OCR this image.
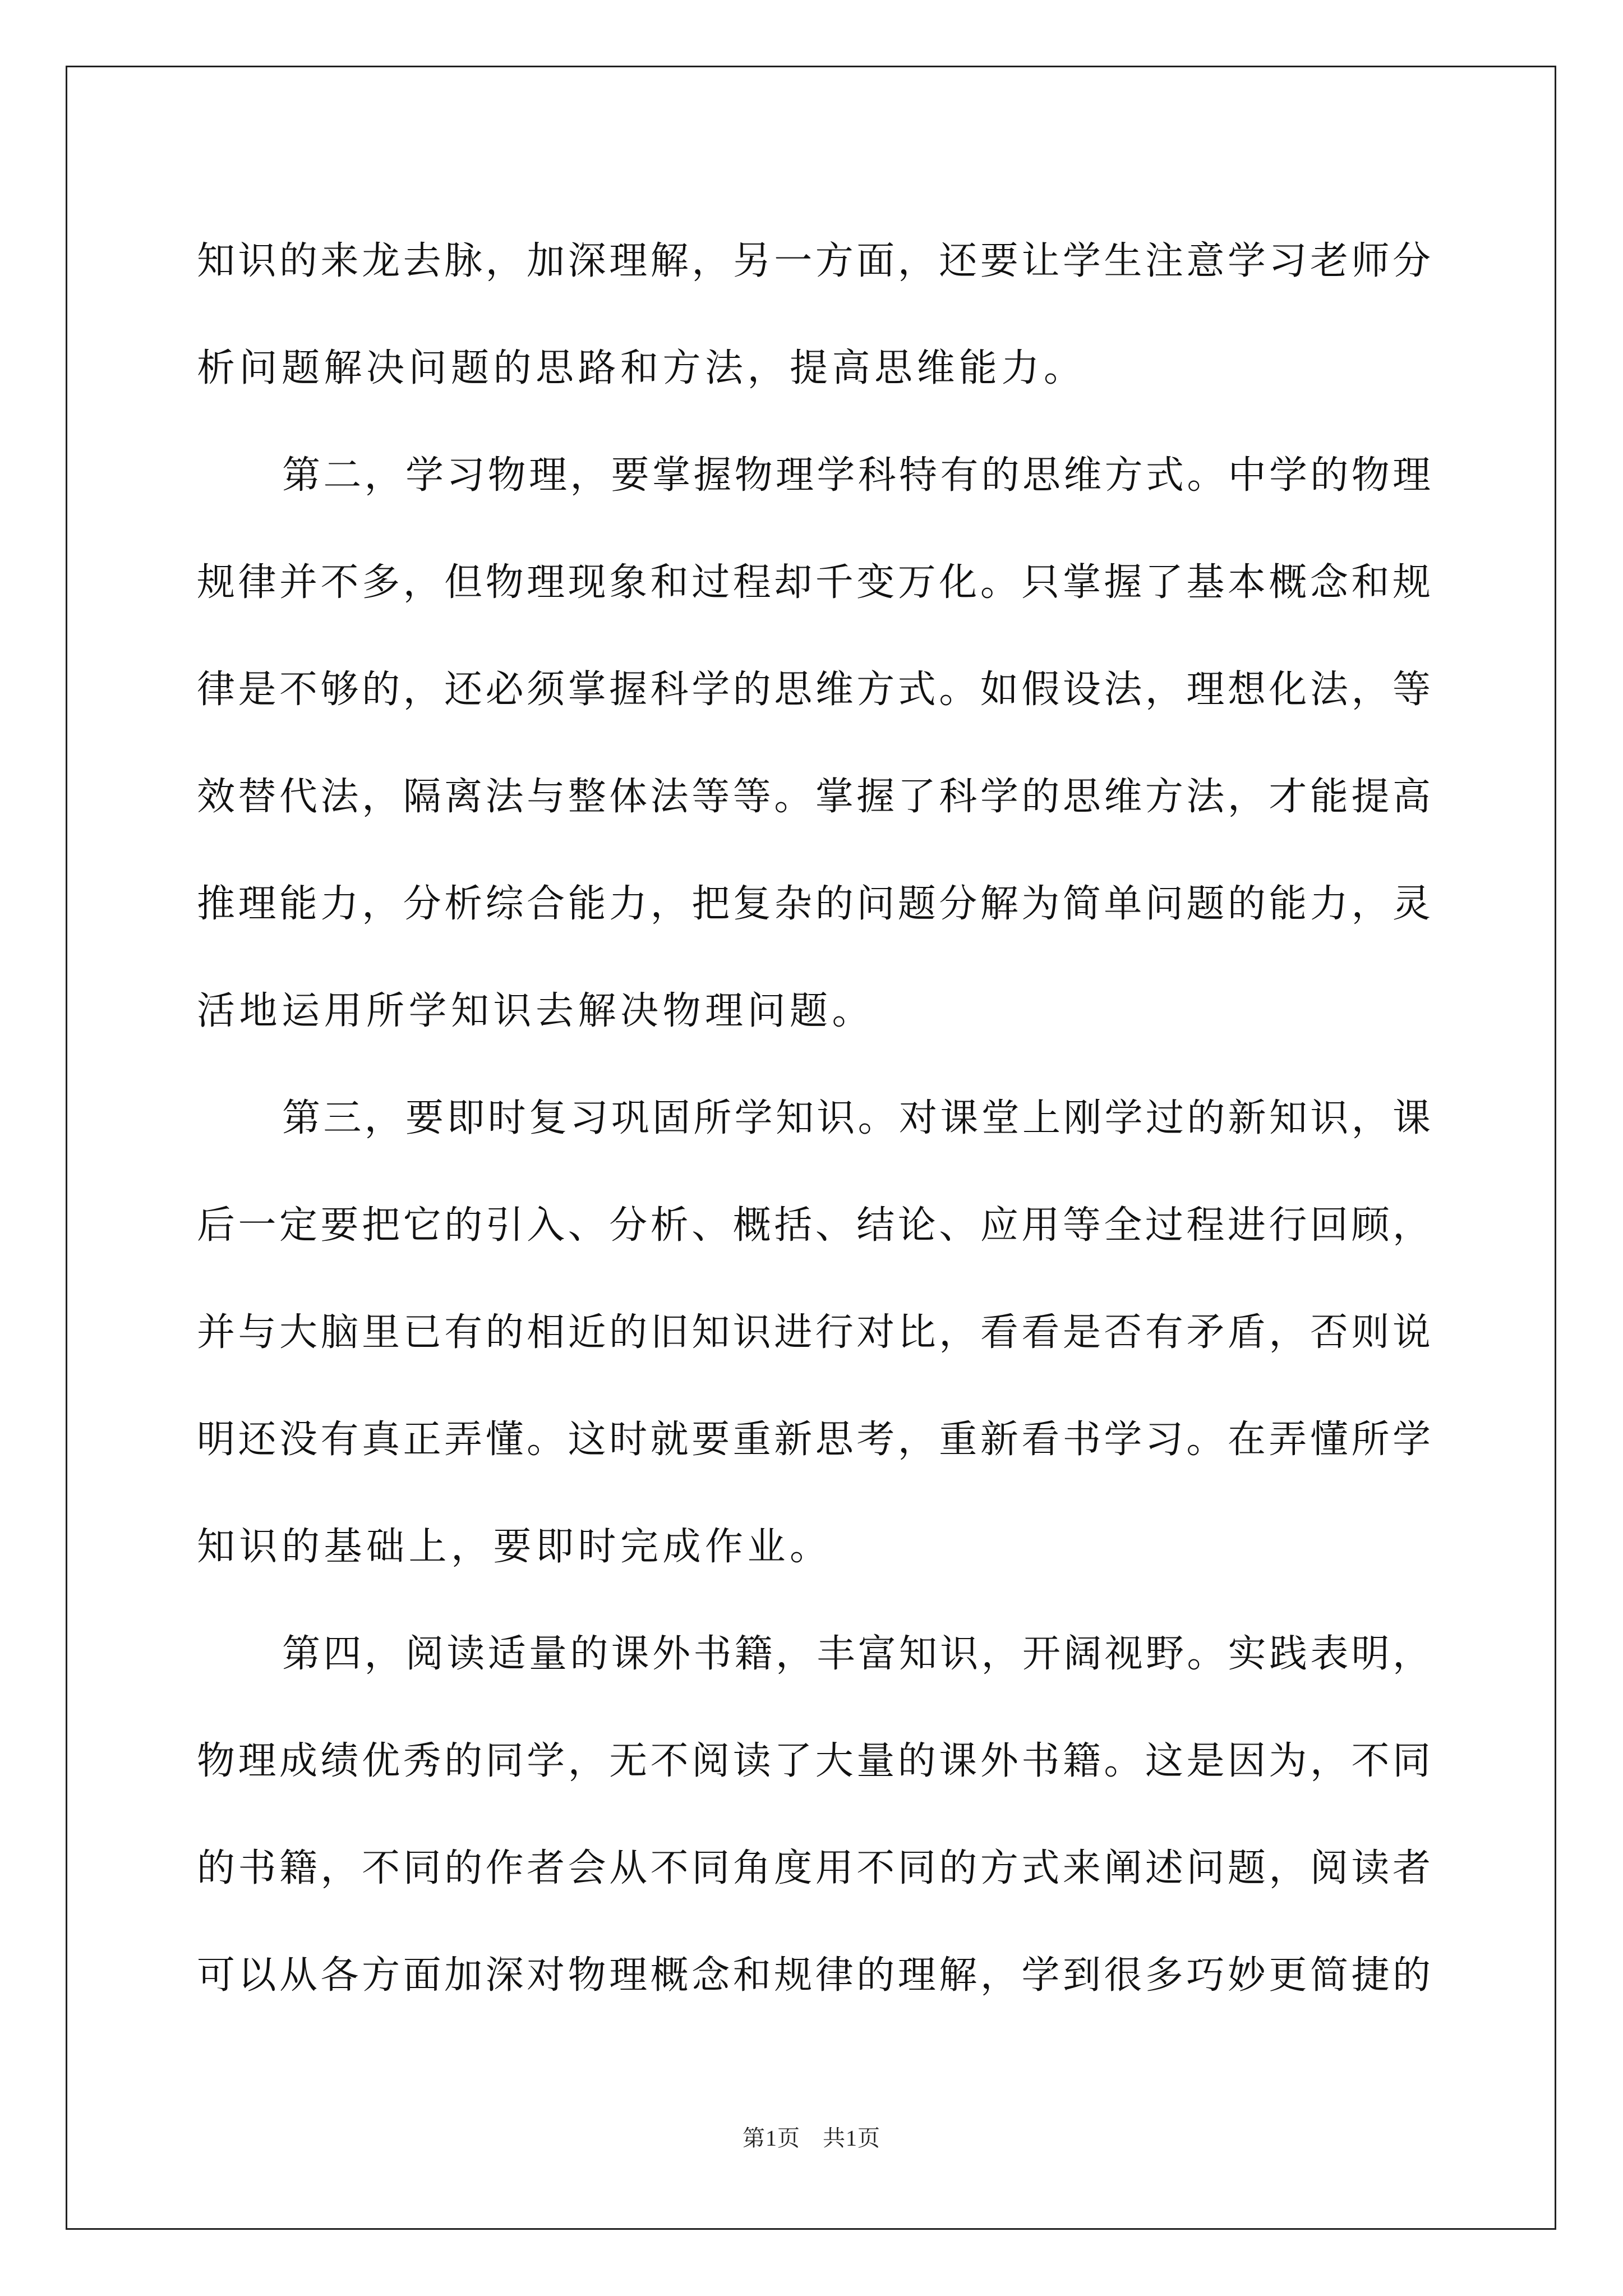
知识的来龙去脉，加深理解，另一方面，还要让学生注意学习老师分
析问题解决问题的思路和方法，提高思维能力。
第二，学习物理，要掌握物理学科特有的思维方式。中学的物理
规律并不多，但物理现象和过程却千变万化。只掌握了基本概念和规
律是不够的，还必须掌握科学的思维方式。如假设法，理想化法，等
效替代法，隔离法与整体法等等。掌握了科学的思维方法，才能提高
推理能力，分析综合能力，把复杂的问题分解为简单问题的能力，灵
活地运用所学知识去解决物理问题。
第三，要即时复习巩固所学知识。对课堂上刚学过的新知识，课
后一定要把它的引入、分析、概括、结论、应用等全过程进行回顾，
并与大脑里已有的相近的旧知识进行对比，看看是否有矛盾，否则说
明还没有真正弄懂。这时就要重新思考，重新看书学习。在弄懂所学
知识的基础上，要即时完成作业。
第四，阅读适量的课外书籍，丰富知识，开阔视野。实践表明，
物理成绩优秀的同学，无不阅读了大量的课外书籍。这是因为，不同
的书籍，不同的作者会从不同角度用不同的方式来阐述问题，阅读者
可以从各方面加深对物理概念和规律的理解，学到很多巧妙更简捷的
第1页 共1页
